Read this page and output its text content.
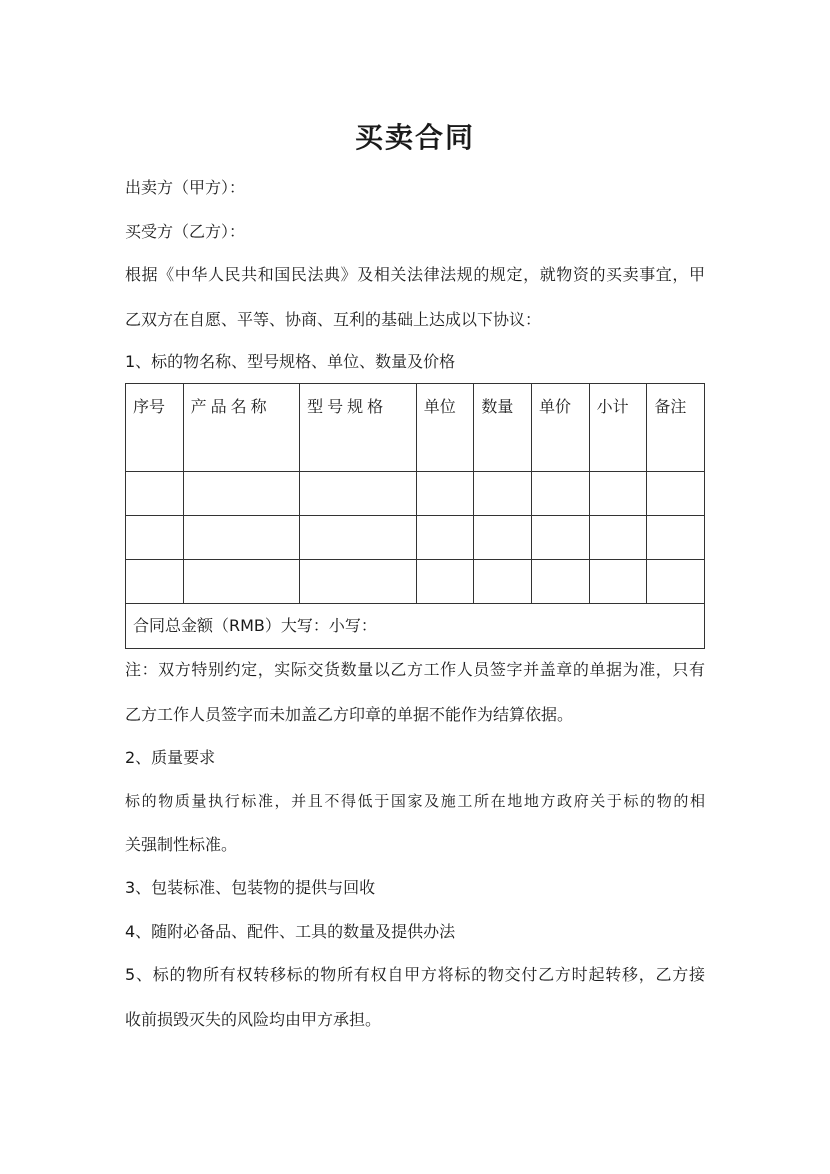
买卖合同
出卖方（甲方）：
买受方（乙方）：
根据《中华人民共和国民法典》及相关法律法规的规定，就物资的买卖事宜，甲
乙双方在自愿、平等、协商、互利的基础上达成以下协议：
1、标的物名称、型号规格、单位、数量及价格
序号	产品名称	型号规格	单位	数量	单价	小计	备注

合同总金额（RMB）大写：小写：							
注：双方特别约定，实际交货数量以乙方工作人员签字并盖章的单据为准，只有
乙方工作人员签字而未加盖乙方印章的单据不能作为结算依据。
2、质量要求
标的物质量执行标准，并且不得低于国家及施工所在地地方政府关于标的物的相
关强制性标准。
3、包装标准、包装物的提供与回收
4、随附必备品、配件、工具的数量及提供办法
5、标的物所有权转移标的物所有权自甲方将标的物交付乙方时起转移，乙方接
收前损毁灭失的风险均由甲方承担。
